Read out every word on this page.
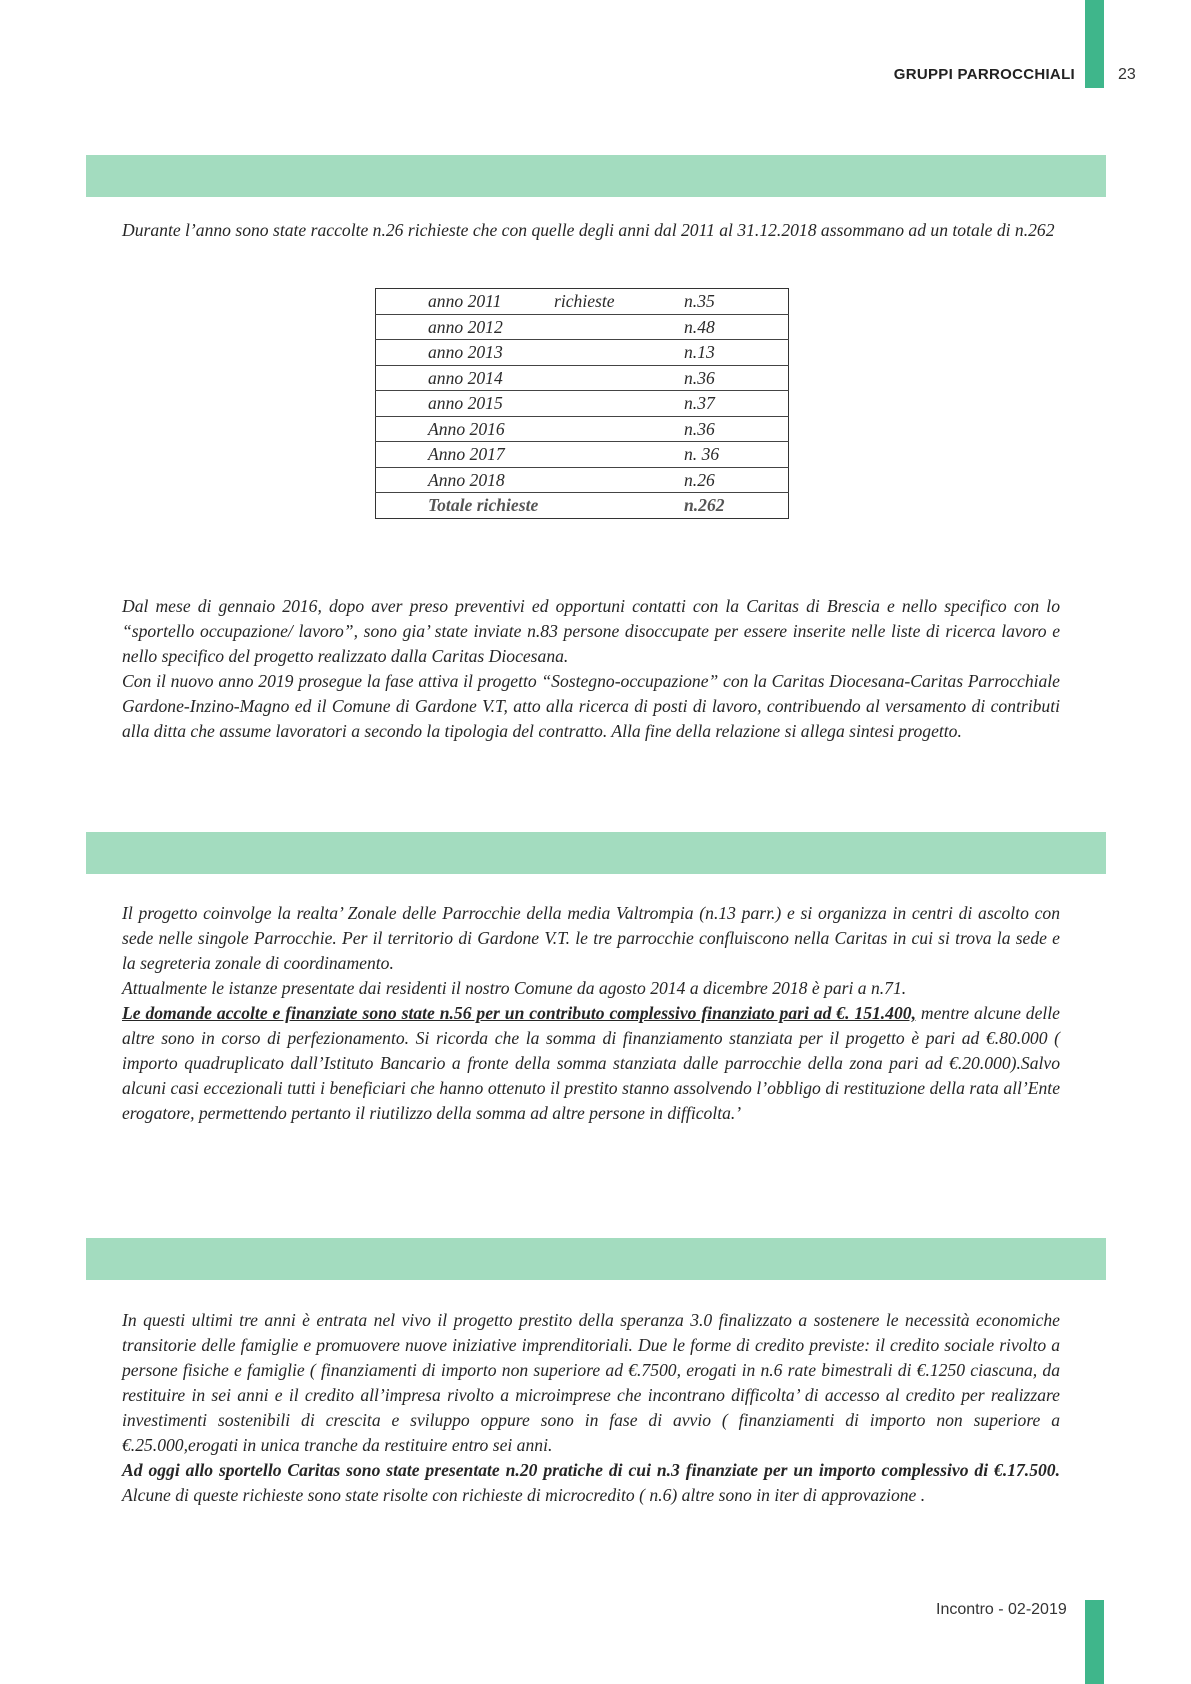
GRUPPI PARROCCHIALI	23

Durante l’anno sono state raccolte n.26 richieste che con quelle degli anni dal 2011 al 31.12.2018 assommano ad un totale di n.262

anno 2011	richieste	n.35
anno 2012		n.48
anno 2013		n.13
anno 2014		n.36
anno 2015		n.37
Anno 2016		n.36
Anno 2017		n. 36
Anno 2018		n.26
Totale richieste		n.262

Dal mese di gennaio 2016, dopo aver preso preventivi ed opportuni contatti con la Caritas di Brescia e nello specifico con lo “sportello occupazione/ lavoro”, sono gia’ state inviate n.83 persone disoccupate per essere inserite nelle liste di ricerca lavoro e nello specifico del progetto realizzato dalla Caritas Diocesana.

Con il nuovo anno 2019 prosegue la fase attiva il progetto “Sostegno-occupazione” con la Caritas Diocesana-Caritas Parrocchiale Gardone-Inzino-Magno ed il Comune di Gardone V.T, atto alla ricerca di posti di lavoro, contribuendo al versamento di contributi alla ditta che assume lavoratori a secondo la tipologia del contratto. Alla fine della relazione si allega sintesi progetto.

Il progetto coinvolge la realta’ Zonale delle Parrocchie della media Valtrompia (n.13 parr.) e si organizza in centri di ascolto con sede nelle singole Parrocchie. Per il territorio di Gardone V.T. le tre parrocchie confluiscono nella Caritas in cui si trova la sede e la segreteria zonale di coordinamento.

Attualmente le istanze presentate dai residenti il nostro Comune da agosto 2014 a dicembre 2018 è pari a n.71.

Le domande accolte e finanziate sono state n.56 per un contributo complessivo finanziato pari ad €. 151.400, mentre alcune delle altre sono in corso di perfezionamento. Si ricorda che la somma di finanziamento stanziata per il progetto è pari ad €.80.000 ( importo quadruplicato dall’Istituto Bancario a fronte della somma stanziata dalle parrocchie della zona pari ad €.20.000).Salvo alcuni casi eccezionali tutti i beneficiari che hanno ottenuto il prestito stanno assolvendo l’obbligo di restituzione della rata all’Ente erogatore, permettendo pertanto il riutilizzo della somma ad altre persone in difficolta.’

In questi ultimi tre anni è entrata nel vivo il progetto prestito della speranza 3.0 finalizzato a sostenere le necessità economiche transitorie delle famiglie e promuovere nuove iniziative imprenditoriali. Due le forme di credito previste: il credito sociale rivolto a persone fisiche e famiglie ( finanziamenti di importo non superiore ad €.7500, erogati in n.6 rate bimestrali di €.1250 ciascuna, da restituire in sei anni e il credito all’impresa rivolto a microimprese che incontrano difficolta’ di accesso al credito per realizzare investimenti sostenibili di crescita e sviluppo oppure sono in fase di avvio ( finanziamenti di importo non superiore a €.25.000,erogati in unica tranche da restituire entro sei anni.

Ad oggi allo sportello Caritas sono state presentate n.20 pratiche di cui n.3 finanziate per un importo complessivo di €.17.500. Alcune di queste richieste sono state risolte con richieste di microcredito ( n.6) altre sono in iter di approvazione .

Incontro - 02-2019
